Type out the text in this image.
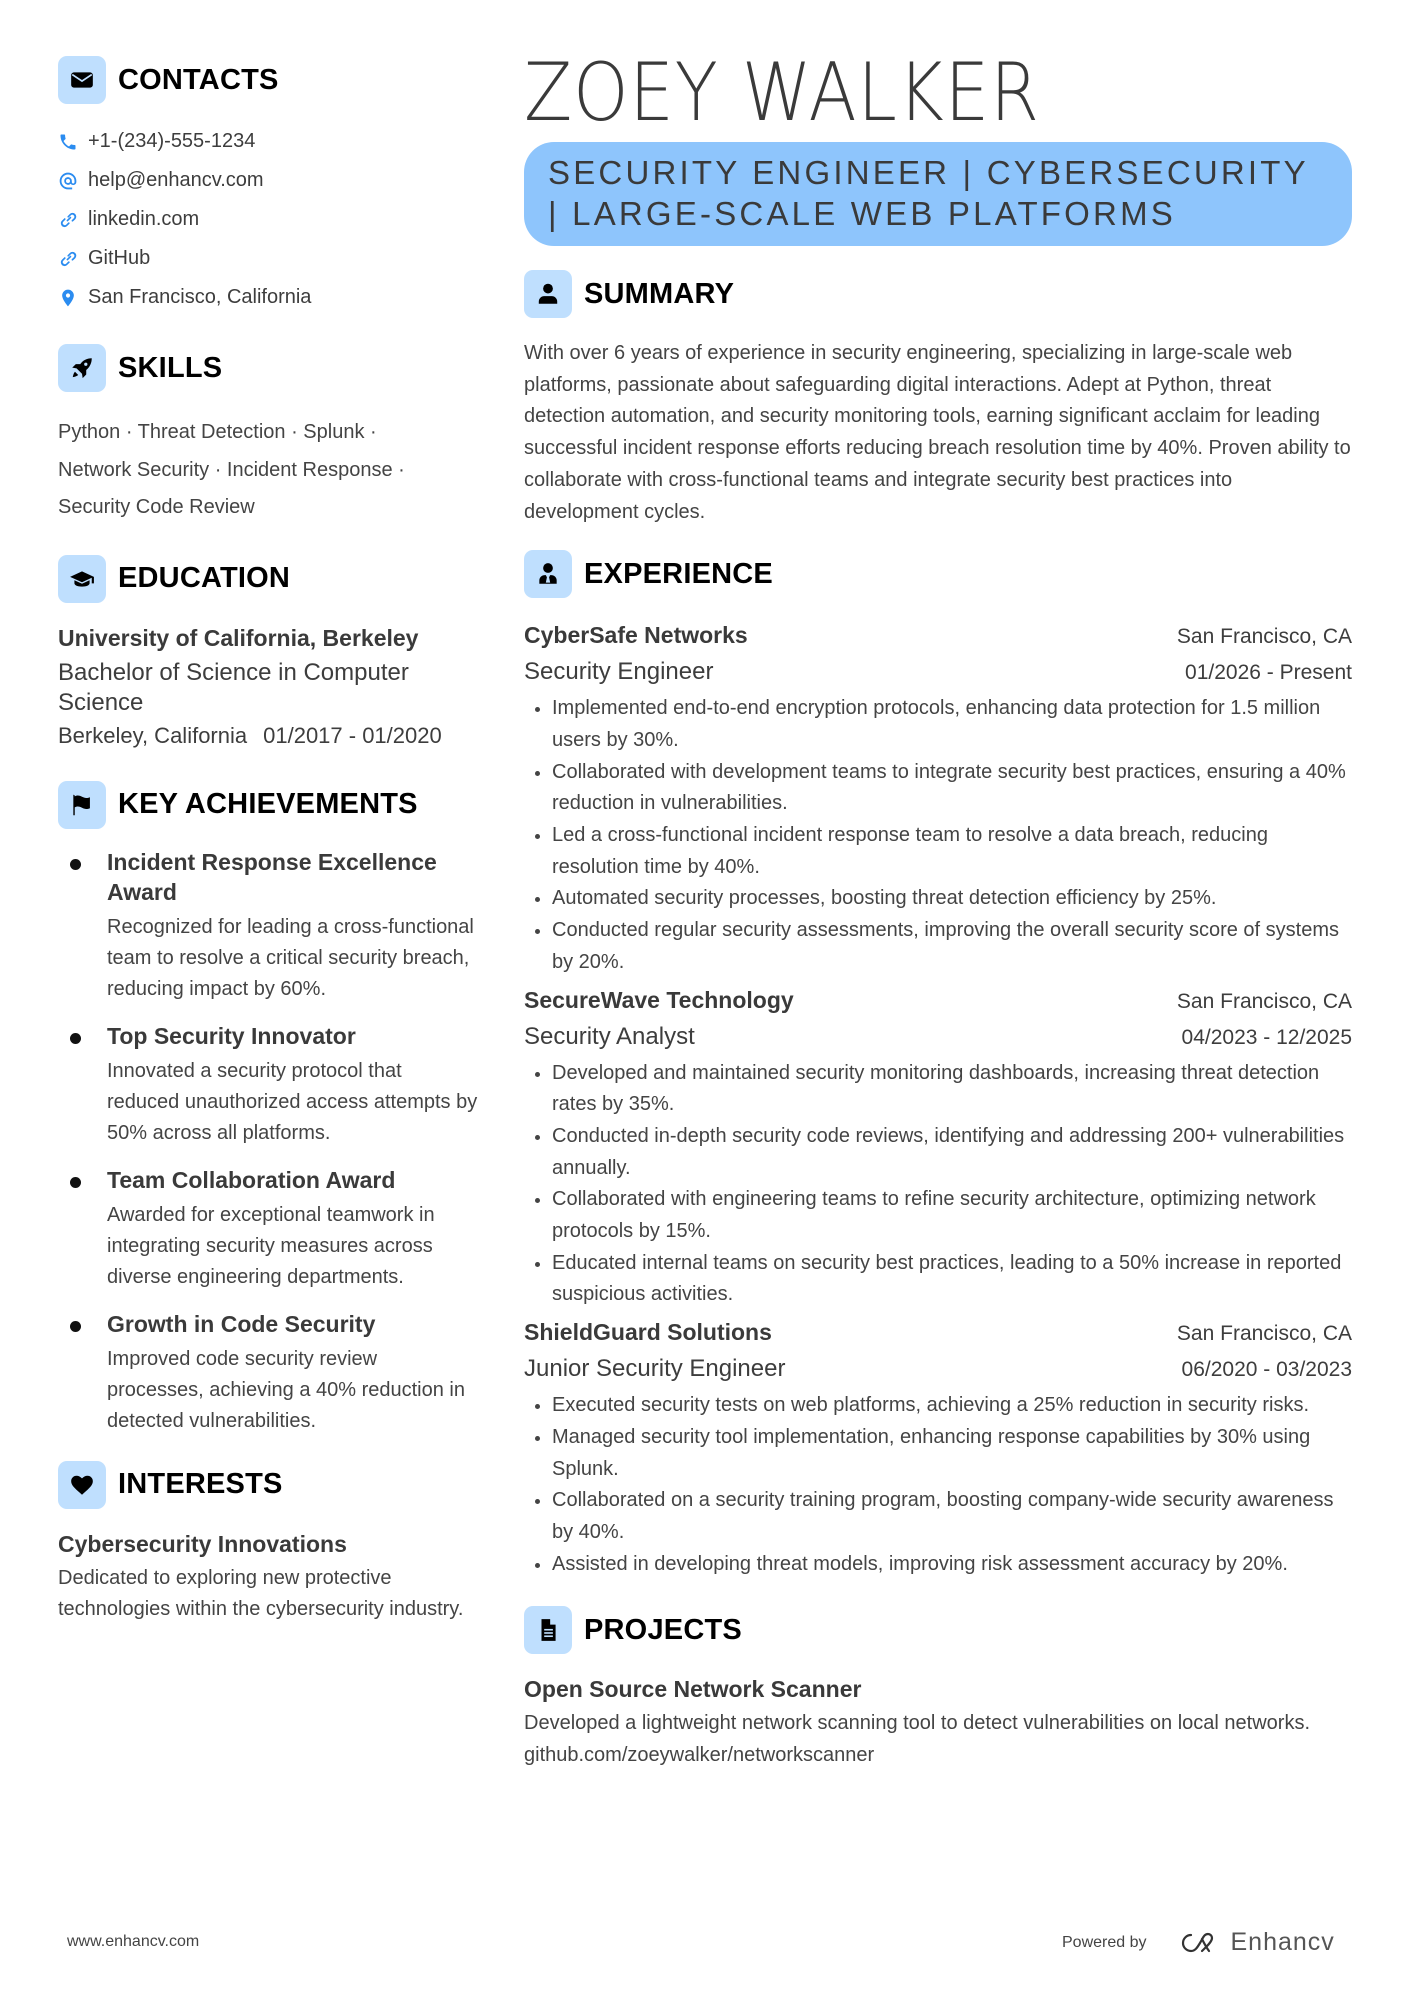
CONTACTS
+1-(234)-555-1234
help@enhancv.com
linkedin.com
GitHub
San Francisco, California
SKILLS
Python · Threat Detection · Splunk ·
Network Security · Incident Response ·
Security Code Review
EDUCATION
University of California, Berkeley
Bachelor of Science in Computer Science
Berkeley, California 01/2017 - 01/2020
KEY ACHIEVEMENTS
Incident Response Excellence Award
Recognized for leading a cross-functional team to resolve a critical security breach, reducing impact by 60%.
Top Security Innovator
Innovated a security protocol that reduced unauthorized access attempts by 50% across all platforms.
Team Collaboration Award
Awarded for exceptional teamwork in integrating security measures across diverse engineering departments.
Growth in Code Security
Improved code security review processes, achieving a 40% reduction in detected vulnerabilities.
INTERESTS
Cybersecurity Innovations
Dedicated to exploring new protective technologies within the cybersecurity industry.
ZOEY WALKER
SECURITY ENGINEER | CYBERSECURITY | LARGE-SCALE WEB PLATFORMS
SUMMARY

With over 6 years of experience in security engineering, specializing in large-scale web platforms, passionate about safeguarding digital interactions. Adept at Python, threat detection automation, and security monitoring tools, earning significant acclaim for leading successful incident response efforts reducing breach resolution time by 40%. Proven ability to collaborate with cross-functional teams and integrate security best practices into development cycles.

EXPERIENCE
CyberSafe Networks	San Francisco, CA
Security Engineer	01/2026 - Present
Implemented end-to-end encryption protocols, enhancing data protection for 1.5 million users by 30%.
Collaborated with development teams to integrate security best practices, ensuring a 40% reduction in vulnerabilities.
Led a cross-functional incident response team to resolve a data breach, reducing resolution time by 40%.
Automated security processes, boosting threat detection efficiency by 25%.
Conducted regular security assessments, improving the overall security score of systems by 20%.
SecureWave Technology	San Francisco, CA
Security Analyst	04/2023 - 12/2025
Developed and maintained security monitoring dashboards, increasing threat detection rates by 35%.
Conducted in-depth security code reviews, identifying and addressing 200+ vulnerabilities annually.
Collaborated with engineering teams to refine security architecture, optimizing network protocols by 15%.
Educated internal teams on security best practices, leading to a 50% increase in reported suspicious activities.
ShieldGuard Solutions	San Francisco, CA
Junior Security Engineer	06/2020 - 03/2023
Executed security tests on web platforms, achieving a 25% reduction in security risks.
Managed security tool implementation, enhancing response capabilities by 30% using Splunk.
Collaborated on a security training program, boosting company-wide security awareness by 40%.
Assisted in developing threat models, improving risk assessment accuracy by 20%.
PROJECTS
Open Source Network Scanner
Developed a lightweight network scanning tool to detect vulnerabilities on local networks. github.com/zoeywalker/networkscanner
www.enhancv.com	Powered by	Enhancv
